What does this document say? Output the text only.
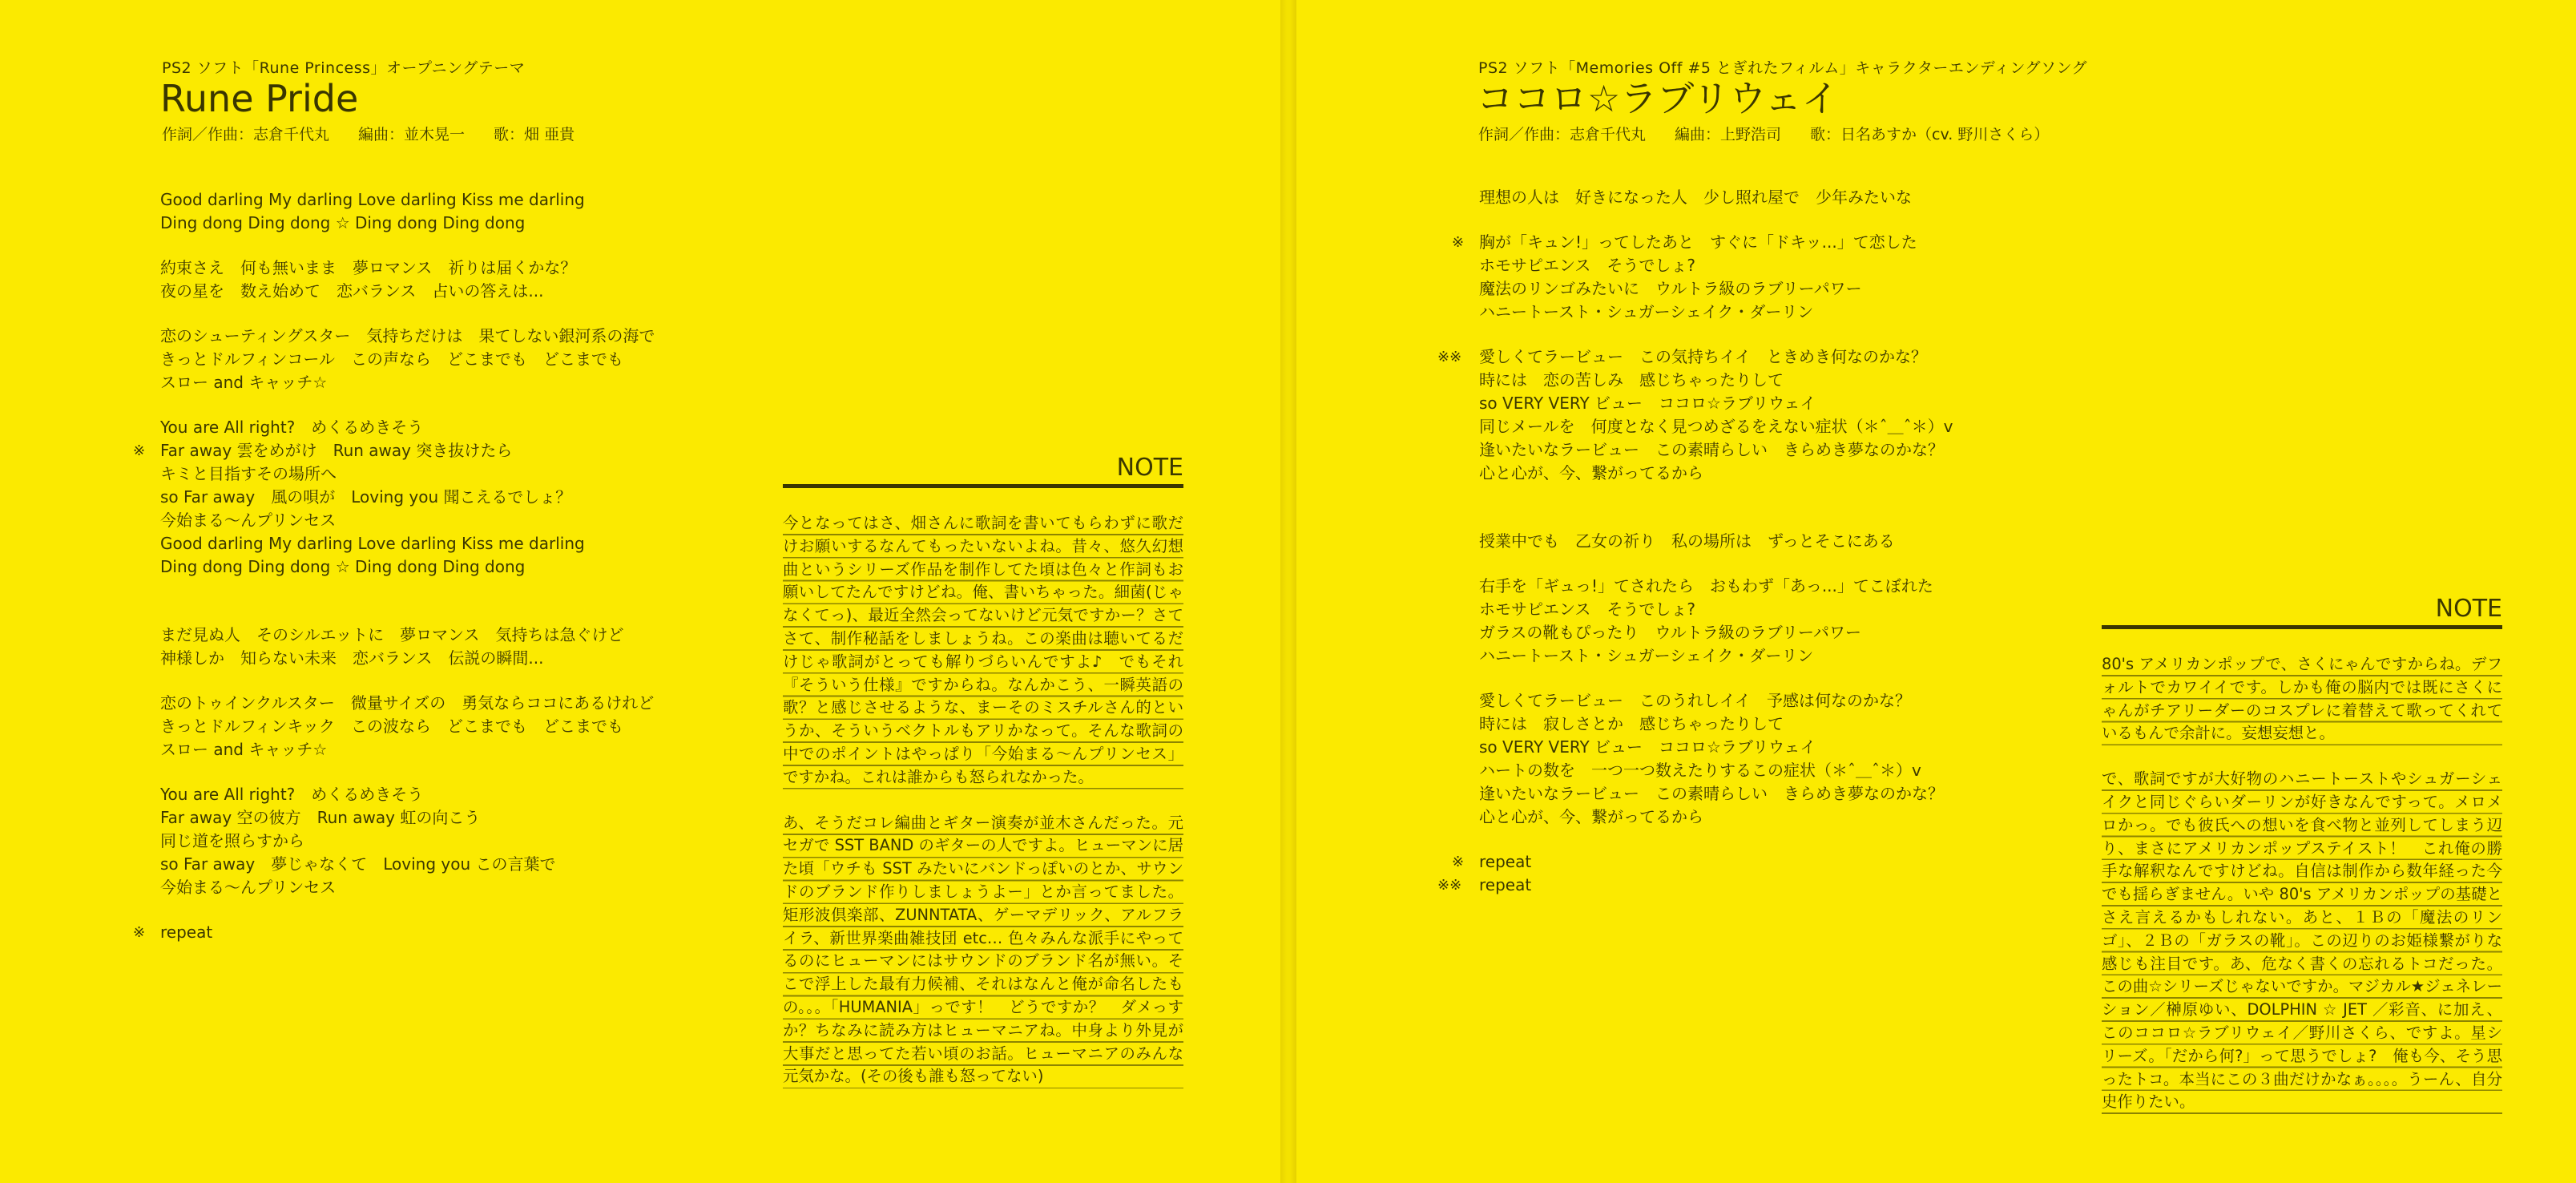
PS2 ソフト「Rune Princess」オープニングテーマ
Rune Pride
作詞／作曲：志倉千代丸 編曲：並木晃一 歌：畑 亜貴
Good darling My darling Love darling Kiss me darling
Ding dong Ding dong ☆ Ding dong Ding dong
約束さえ　何も無いまま　夢ロマンス　祈りは届くかな？
夜の星を　数え始めて　恋バランス　占いの答えは...
恋のシューティングスター　気持ちだけは　果てしない銀河系の海で
きっとドルフィンコール　この声なら　どこまでも　どこまでも
スロー and キャッチ☆
You are All right?　めくるめきそう
※ Far away 雲をめがけ　Run away 突き抜けたら
キミと目指すその場所へ
so Far away　風の唄が　Loving you 聞こえるでしょ？
今始まる〜んプリンセス
Good darling My darling Love darling Kiss me darling
Ding dong Ding dong ☆ Ding dong Ding dong
まだ見ぬ人　そのシルエットに　夢ロマンス　気持ちは急ぐけど
神様しか　知らない未来　恋バランス　伝説の瞬間...
恋のトゥインクルスター　微量サイズの　勇気ならココにあるけれど
きっとドルフィンキック　この波なら　どこまでも　どこまでも
スロー and キャッチ☆
You are All right?　めくるめきそう
Far away 空の彼方　Run away 虹の向こう
同じ道を照らすから
so Far away　夢じゃなくて　Loving you この言葉で
今始まる〜んプリンセス
※ repeat
NOTE
今となってはさ、畑さんに歌詞を書いてもらわずに歌だけお願いするなんてもったいないよね。昔々、悠久幻想曲というシリーズ作品を制作してた頃は色々と作詞もお願いしてたんですけどね。俺、書いちゃった。細菌(じゃなくてっ)、最近全然会ってないけど元気ですかー？さてさて、制作秘話をしましょうね。この楽曲は聴いてるだけじゃ歌詞がとっても解りづらいんですよ♪　でもそれ『そういう仕様』ですからね。なんかこう、一瞬英語の歌？と感じさせるような、まーそのミスチルさん的というか、そういうベクトルもアリかなって。そんな歌詞の中でのポイントはやっぱり「今始まる〜んプリンセス」ですかね。これは誰からも怒られなかった。
あ、そうだコレ編曲とギター演奏が並木さんだった。元セガで SST BAND のギターの人ですよ。ヒューマンに居た頃「ウチも SST みたいにバンドっぽいのとか、サウンドのブランド作りしましょうよー」とか言ってました。矩形波倶楽部、ZUNNTATA、ゲーマデリック、アルフライラ、新世界楽曲雑技団 etc… 色々みんな派手にやってるのにヒューマンにはサウンドのブランド名が無い。そこで浮上した最有力候補、それはなんと俺が命名したもの。。。「HUMANIA」っです！　どうですか？　ダメっすか？ちなみに読み方はヒューマニアね。中身より外見が大事だと思ってた若い頃のお話。ヒューマニアのみんな元気かな。(その後も誰も怒ってない)
PS2 ソフト「Memories Off #5 とぎれたフィルム」キャラクターエンディングソング
ココロ☆ラブリウェイ
作詞／作曲：志倉千代丸 編曲：上野浩司 歌：日名あすか（cv. 野川さくら）
理想の人は　好きになった人　少し照れ屋で　少年みたいな
※ 胸が「キュン!」ってしたあと　すぐに「ドキッ...」て恋した
ホモサピエンス　そうでしょ?
魔法のリンゴみたいに　ウルトラ級のラブリーパワー
ハニートースト・シュガーシェイク・ダーリン
※※ 愛しくてラービュー　この気持ちイイ　ときめき何なのかな？
時には　恋の苦しみ　感じちゃったりして
so VERY VERY ビュー　ココロ☆ラブリウェイ
同じメールを　何度となく見つめざるをえない症状（＊ˆ＿ˆ＊）v
逢いたいなラービュー　この素晴らしい　きらめき夢なのかな？
心と心が、今、繋がってるから
授業中でも　乙女の祈り　私の場所は　ずっとそこにある
右手を「ギュっ!」てされたら　おもわず「あっ...」てこぼれた
ホモサピエンス　そうでしょ?
ガラスの靴もぴったり　ウルトラ級のラブリーパワー
ハニートースト・シュガーシェイク・ダーリン
愛しくてラービュー　このうれしイイ　予感は何なのかな？
時には　寂しさとか　感じちゃったりして
so VERY VERY ビュー　ココロ☆ラブリウェイ
ハートの数を　一つ一つ数えたりするこの症状（＊ˆ＿ˆ＊）v
逢いたいなラービュー　この素晴らしい　きらめき夢なのかな？
心と心が、今、繋がってるから
※ repeat
※※ repeat
NOTE
80's アメリカンポップで、さくにゃんですからね。デフォルトでカワイイです。しかも俺の脳内では既にさくにゃんがチアリーダーのコスプレに着替えて歌ってくれているもんで余計に。妄想妄想と。
で、歌詞ですが大好物のハニートーストやシュガーシェイクと同じぐらいダーリンが好きなんですって。メロメロかっ。でも彼氏への想いを食べ物と並列してしまう辺り、まさにアメリカンポップステイスト！　これ俺の勝手な解釈なんですけどね。自信は制作から数年経った今でも揺らぎません。いや 80's アメリカンポップの基礎とさえ言えるかもしれない。あと、１Ｂの「魔法のリンゴ」、２Ｂの「ガラスの靴」。この辺りのお姫様繋がりな感じも注目です。あ、危なく書くの忘れるトコだった。この曲☆シリーズじゃないですか。マジカル★ジェネレーション／榊原ゆい、DOLPHIN ☆ JET ／彩音、に加え、このココロ☆ラブリウェイ／野川さくら、ですよ。星シリーズ。「だから何?」って思うでしょ?　俺も今、そう思ったトコ。本当にこの３曲だけかなぁ。。。。うーん、自分史作りたい。
